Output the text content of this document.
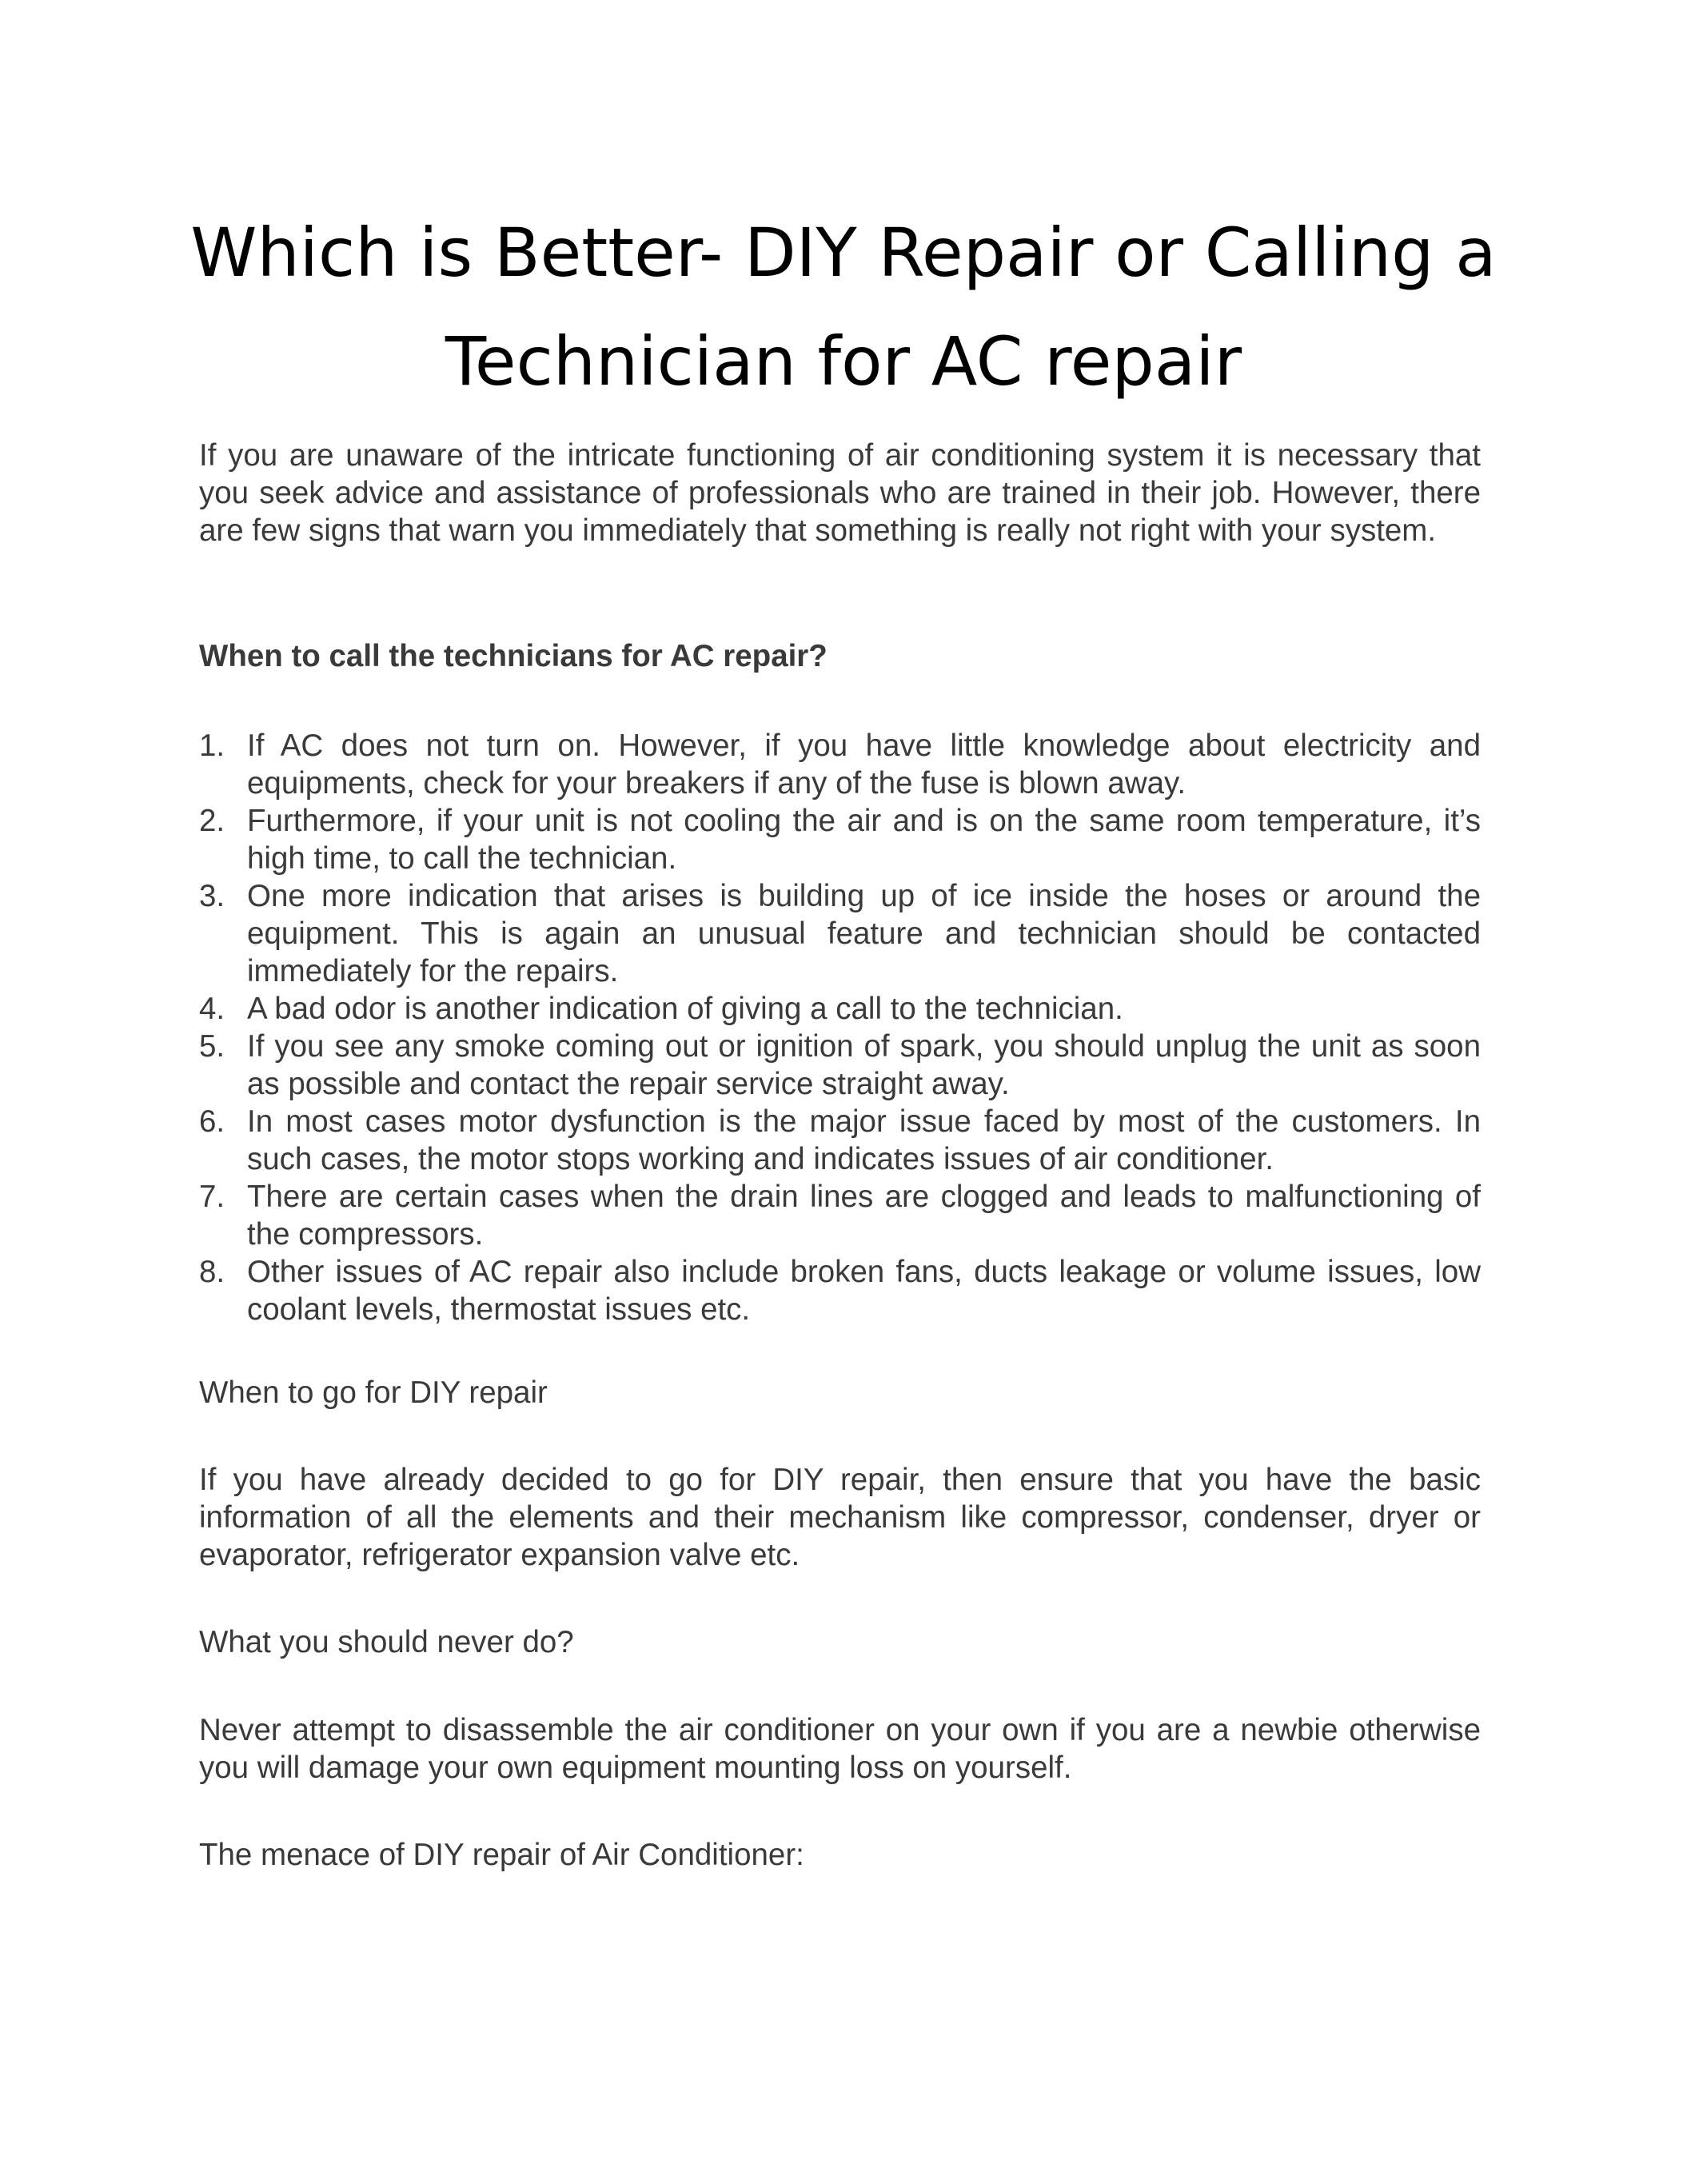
Which is Better- DIY Repair or Calling a Technician for AC repair

If you are unaware of the intricate functioning of air conditioning system it is necessary that you seek advice and assistance of professionals who are trained in their job. However, there are few signs that warn you immediately that something is really not right with your system.

When to call the technicians for AC repair?

1. If AC does not turn on. However, if you have little knowledge about electricity and equipments, check for your breakers if any of the fuse is blown away.
2. Furthermore, if your unit is not cooling the air and is on the same room temperature, it’s high time, to call the technician.
3. One more indication that arises is building up of ice inside the hoses or around the equipment. This is again an unusual feature and technician should be contacted immediately for the repairs.
4. A bad odor is another indication of giving a call to the technician.
5. If you see any smoke coming out or ignition of spark, you should unplug the unit as soon as possible and contact the repair service straight away.
6. In most cases motor dysfunction is the major issue faced by most of the customers. In such cases, the motor stops working and indicates issues of air conditioner.
7. There are certain cases when the drain lines are clogged and leads to malfunctioning of the compressors.
8. Other issues of AC repair also include broken fans, ducts leakage or volume issues, low coolant levels, thermostat issues etc.

When to go for DIY repair

If you have already decided to go for DIY repair, then ensure that you have the basic information of all the elements and their mechanism like compressor, condenser, dryer or evaporator, refrigerator expansion valve etc.

What you should never do?

Never attempt to disassemble the air conditioner on your own if you are a newbie otherwise you will damage your own equipment mounting loss on yourself.

The menace of DIY repair of Air Conditioner:
